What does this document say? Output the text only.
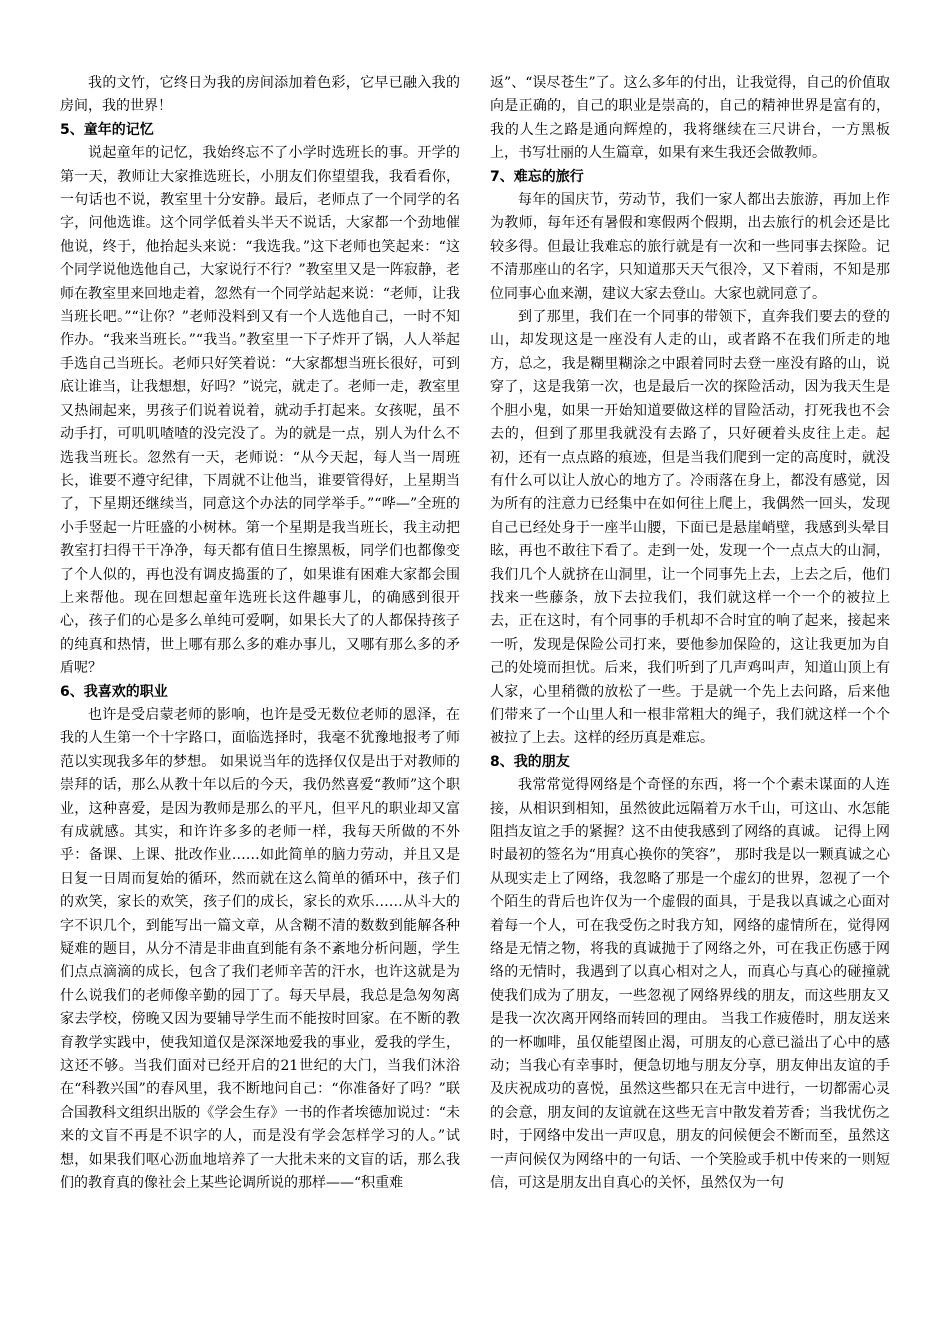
我的文竹，它终日为我的房间添加着色彩，它早已融入我的房间，我的世界！

5、童年的记忆

说起童年的记忆，我始终忘不了小学时选班长的事。开学的第一天，教师让大家推选班长，小朋友们你望望我，我看看你，一句话也不说，教室里十分安静。最后，老师点了一个同学的名字，问他选谁。这个同学低着头半天不说话，大家都一个劲地催他说，终于，他抬起头来说：“我选我。”这下老师也笑起来：“这个同学说他选他自己，大家说行不行？”教室里又是一阵寂静，老师在教室里来回地走着，忽然有一个同学站起来说：“老师，让我当班长吧。”“让你？”老师没料到又有一个人选他自己，一时不知作办。“我来当班长。”“我当。”教室里一下子炸开了锅，人人举起手选自己当班长。老师只好笑着说：“大家都想当班长很好，可到底让谁当，让我想想，好吗？”说完，就走了。老师一走，教室里又热闹起来，男孩子们说着说着，就动手打起来。女孩呢，虽不动手打，可叽叽喳喳的没完没了。为的就是一点，别人为什么不选我当班长。忽然有一天，老师说：“从今天起，每人当一周班长，谁要不遵守纪律，下周就不让他当，谁要管得好，上星期当了，下星期还继续当，同意这个办法的同学举手。”“哗—”全班的小手竖起一片旺盛的小树林。第一个星期是我当班长，我主动把教室打扫得干干净净，每天都有值日生擦黑板，同学们也都像变了个人似的，再也没有调皮捣蛋的了，如果谁有困难大家都会围上来帮他。现在回想起童年选班长这件趣事儿，的确感到很开心，孩子们的心是多么单纯可爱啊，如果长大了的人都保持孩子的纯真和热情，世上哪有那么多的难办事儿，又哪有那么多的矛盾呢？

6、我喜欢的职业

也许是受启蒙老师的影响，也许是受无数位老师的恩泽，在我的人生第一个十字路口，面临选择时，我毫不犹豫地报考了师范以实现我多年的梦想。 如果说当年的选择仅仅是出于对教师的崇拜的话，那么从教十年以后的今天，我仍然喜爱“教师”这个职业，这种喜爱，是因为教师是那么的平凡，但平凡的职业却又富有成就感。其实，和许许多多的老师一样，我每天所做的不外乎：备课、上课、批改作业……如此简单的脑力劳动，并且又是日复一日周而复始的循环，然而就在这么简单的循环中，孩子们的欢笑，家长的欢笑，孩子们的成长，家长的欢乐……从斗大的字不识几个，到能写出一篇文章，从含糊不清的数数到能解各种疑难的题目，从分不清是非曲直到能有条不紊地分析问题，学生们点点滴滴的成长，包含了我们老师辛苦的汗水，也许这就是为什么说我们的老师像辛勤的园丁了。每天早晨，我总是急匆匆离家去学校，傍晚又因为要辅导学生而不能按时回家。在不断的教育教学实践中，使我知道仅是深深地爱我的事业，爱我的学生，这还不够。当我们面对已经开启的21世纪的大门，当我们沐浴在“科教兴国”的春风里，我不断地问自己：“你准备好了吗？”联合国教科文组织出版的《学会生存》一书的作者埃德加说过：“未来的文盲不再是不识字的人，而是没有学会怎样学习的人。”试想，如果我们呕心沥血地培养了一大批未来的文盲的话，那么我们的教育真的像社会上某些论调所说的那样——“积重难

返”、“误尽苍生”了。这么多年的付出，让我觉得，自己的价值取向是正确的，自己的职业是崇高的，自己的精神世界是富有的，我的人生之路是通向辉煌的，我将继续在三尺讲台，一方黑板上，书写壮丽的人生篇章，如果有来生我还会做教师。

7、难忘的旅行

每年的国庆节，劳动节，我们一家人都出去旅游，再加上作为教师，每年还有暑假和寒假两个假期，出去旅行的机会还是比较多得。但最让我难忘的旅行就是有一次和一些同事去探险。记不清那座山的名字，只知道那天天气很冷，又下着雨，不知是那位同事心血来潮，建议大家去登山。大家也就同意了。

到了那里，我们在一个同事的带领下，直奔我们要去的登的山，却发现这是一座没有人走的山，或者路不在我们所走的地方，总之，我是糊里糊涂之中跟着同时去登一座没有路的山，说穿了，这是我第一次，也是最后一次的探险活动，因为我天生是个胆小鬼，如果一开始知道要做这样的冒险活动，打死我也不会去的，但到了那里我就没有去路了，只好硬着头皮往上走。起初，还有一点点路的痕迹，但是当我们爬到一定的高度时，就没有什么可以让人放心的地方了。冷雨落在身上，都没有感觉，因为所有的注意力已经集中在如何往上爬上，我偶然一回头，发现自己已经处身于一座半山腰，下面已是悬崖峭壁，我感到头晕目眩，再也不敢往下看了。走到一处，发现一个一点点大的山洞，我们几个人就挤在山洞里，让一个同事先上去，上去之后，他们找来一些藤条，放下去拉我们，我们就这样一个一个的被拉上去，正在这时，有个同事的手机却不合时宜的响了起来，接起来一听，发现是保险公司打来，要他参加保险的，这让我更加为自己的处境而担忧。后来，我们听到了几声鸡叫声，知道山顶上有人家，心里稍微的放松了一些。于是就一个先上去问路，后来他们带来了一个山里人和一根非常粗大的绳子，我们就这样一个个被拉了上去。这样的经历真是难忘。

8、我的朋友

我常常觉得网络是个奇怪的东西，将一个个素未谋面的人连接，从相识到相知，虽然彼此远隔着万水千山，可这山、水怎能阻挡友谊之手的紧握？这不由使我感到了网络的真诚。 记得上网时最初的签名为“用真心换你的笑容”， 那时我是以一颗真诚之心从现实走上了网络，我忽略了那是一个虚幻的世界，忽视了一个个陌生的背后也许仅为一个虚假的面具，于是我以真诚之心面对着每一个人，可在我受伤之时我方知，网络的虚情所在，觉得网络是无情之物，将我的真诚抛于了网络之外，可在我正伤感于网络的无情时，我遇到了以真心相对之人，而真心与真心的碰撞就使我们成为了朋友，一些忽视了网络界线的朋友，而这些朋友又是我一次次离开网络而转回的理由。 当我工作疲倦时，朋友送来的一杯咖啡，虽仅能望图止渴，可朋友的心意已溢出了心中的感动；当我心有幸事时，便急切地与朋友分享，朋友伸出友谊的手及庆祝成功的喜悦，虽然这些都只在无言中进行，一切都需心灵的会意，朋友间的友谊就在这些无言中散发着芳香；当我忧伤之时，于网络中发出一声叹息，朋友的问候便会不断而至，虽然这一声问候仅为网络中的一句话、一个笑脸或手机中传来的一则短信，可这是朋友出自真心的关怀，虽然仅为一句
